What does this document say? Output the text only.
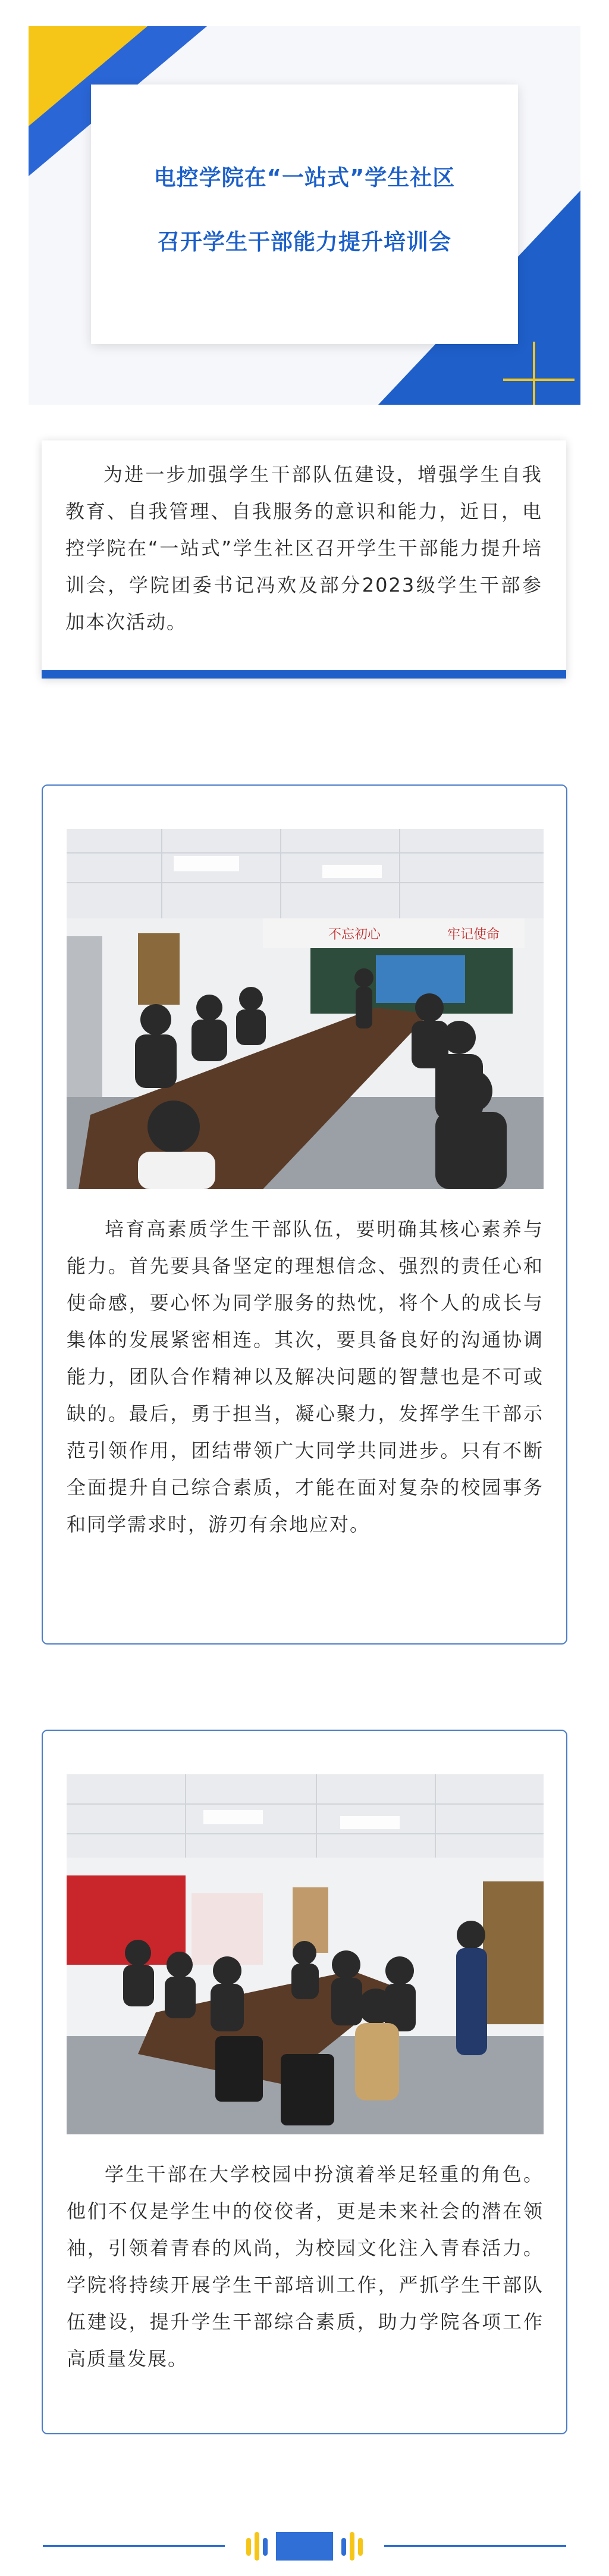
电控学院在“一站式”学生社区
召开学生干部能力提升培训会

为进一步加强学生干部队伍建设，增强学生自我教育、自我管理、自我服务的意识和能力，近日，电控学院在“一站式”学生社区召开学生干部能力提升培训会，学院团委书记冯欢及部分2023级学生干部参加本次活动。

不忘初心	牢记使命

培育高素质学生干部队伍，要明确其核心素养与能力。首先要具备坚定的理想信念、强烈的责任心和使命感，要心怀为同学服务的热忱，将个人的成长与集体的发展紧密相连。其次，要具备良好的沟通协调能力，团队合作精神以及解决问题的智慧也是不可或缺的。最后，勇于担当，凝心聚力，发挥学生干部示范引领作用，团结带领广大同学共同进步。只有不断全面提升自己综合素质，才能在面对复杂的校园事务和同学需求时，游刃有余地应对。

学生干部在大学校园中扮演着举足轻重的角色。他们不仅是学生中的佼佼者，更是未来社会的潜在领袖，引领着青春的风尚，为校园文化注入青春活力。学院将持续开展学生干部培训工作，严抓学生干部队伍建设，提升学生干部综合素质，助力学院各项工作高质量发展。
